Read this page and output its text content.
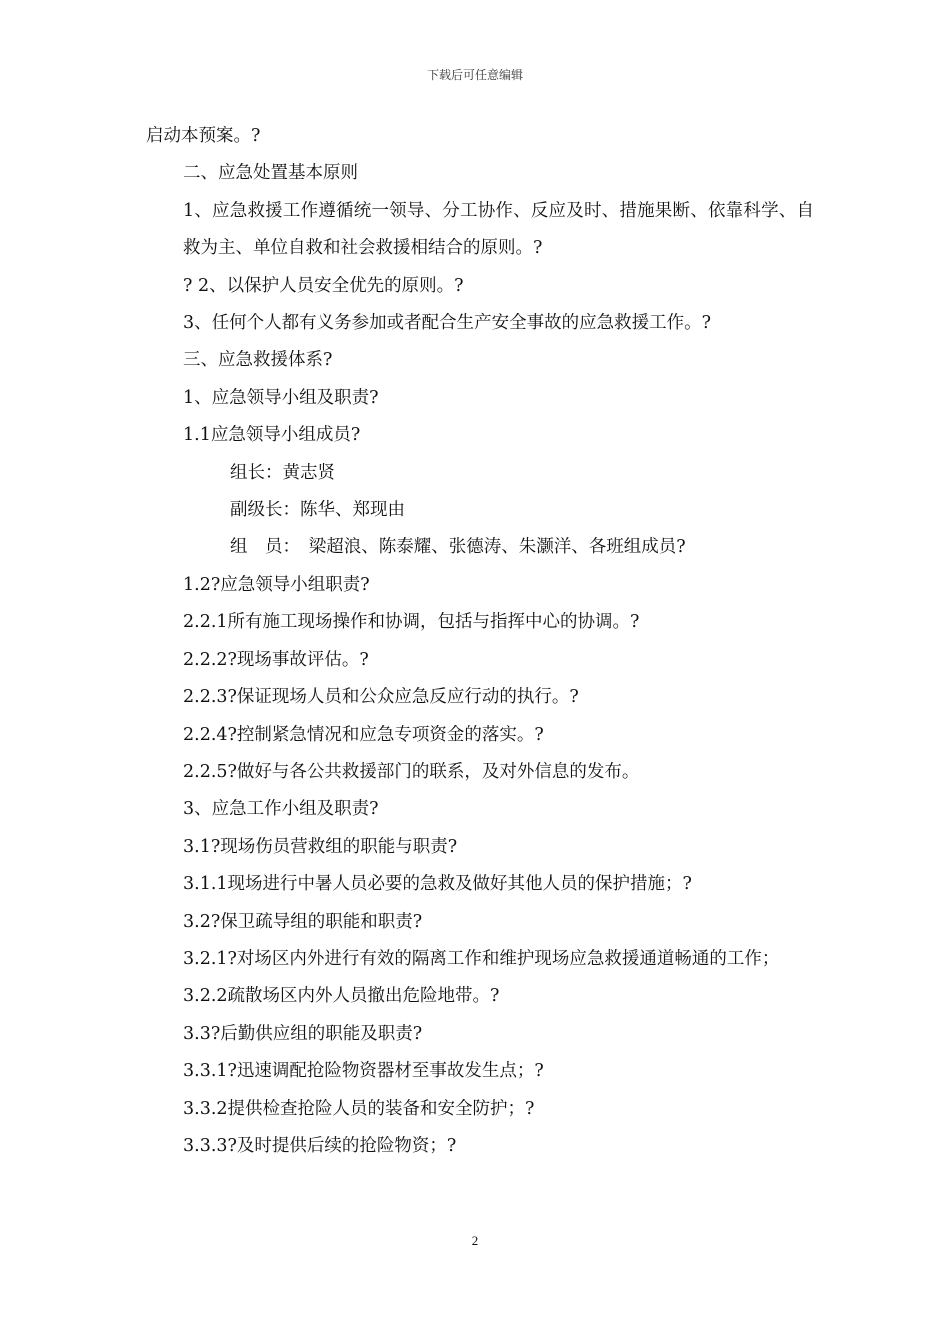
下载后可任意编辑
启动本预案。?
二、应急处置基本原则
1、应急救援工作遵循统一领导、分工协作、反应及时、措施果断、依靠科学、自救为主、单位自救和社会救援相结合的原则。?
? 2、以保护人员安全优先的原则。?
3、任何个人都有义务参加或者配合生产安全事故的应急救援工作。?
三、应急救援体系?
1、应急领导小组及职责?
1.1应急领导小组成员?
组长：黄志贤
副级长：陈华、郑现由
组　员：　梁超浪、陈泰耀、张德涛、朱灏洋、各班组成员?
1.2?应急领导小组职责?
2.2.1所有施工现场操作和协调，包括与指挥中心的协调。?
2.2.2?现场事故评估。?
2.2.3?保证现场人员和公众应急反应行动的执行。?
2.2.4?控制紧急情况和应急专项资金的落实。?
2.2.5?做好与各公共救援部门的联系，及对外信息的发布。
3、应急工作小组及职责?
3.1?现场伤员营救组的职能与职责?
3.1.1现场进行中暑人员必要的急救及做好其他人员的保护措施；?
3.2?保卫疏导组的职能和职责?
3.2.1?对场区内外进行有效的隔离工作和维护现场应急救援通道畅通的工作；
3.2.2疏散场区内外人员撤出危险地带。?
3.3?后勤供应组的职能及职责?
3.3.1?迅速调配抢险物资器材至事故发生点；?
3.3.2提供检查抢险人员的装备和安全防护；?
3.3.3?及时提供后续的抢险物资；?
2
